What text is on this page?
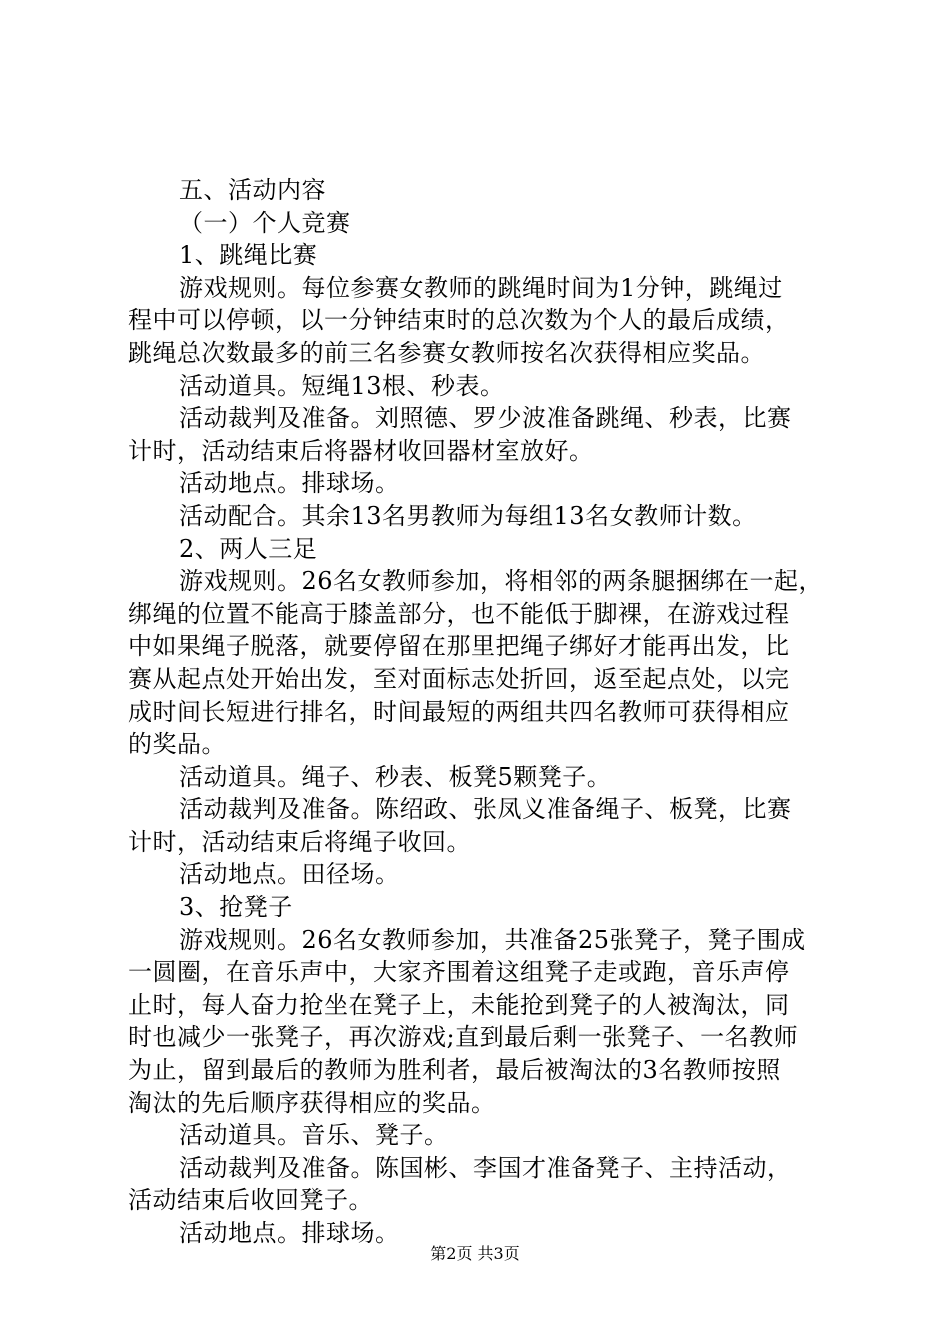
五、活动内容
（一）个人竞赛
1、跳绳比赛
游戏规则。每位参赛女教师的跳绳时间为1分钟，跳绳过
程中可以停顿，以一分钟结束时的总次数为个人的最后成绩，
跳绳总次数最多的前三名参赛女教师按名次获得相应奖品。
活动道具。短绳13根、秒表。
活动裁判及准备。刘照德、罗少波准备跳绳、秒表，比赛
计时，活动结束后将器材收回器材室放好。
活动地点。排球场。
活动配合。其余13名男教师为每组13名女教师计数。
2、两人三足
游戏规则。26名女教师参加，将相邻的两条腿捆绑在一起，
绑绳的位置不能高于膝盖部分，也不能低于脚裸，在游戏过程
中如果绳子脱落，就要停留在那里把绳子绑好才能再出发，比
赛从起点处开始出发，至对面标志处折回，返至起点处，以完
成时间长短进行排名，时间最短的两组共四名教师可获得相应
的奖品。
活动道具。绳子、秒表、板凳5颗凳子。
活动裁判及准备。陈绍政、张凤义准备绳子、板凳，比赛
计时，活动结束后将绳子收回。
活动地点。田径场。
3、抢凳子
游戏规则。26名女教师参加，共准备25张凳子，凳子围成
一圆圈，在音乐声中，大家齐围着这组凳子走或跑，音乐声停
止时，每人奋力抢坐在凳子上，未能抢到凳子的人被淘汰，同
时也减少一张凳子，再次游戏;直到最后剩一张凳子、一名教师
为止，留到最后的教师为胜利者，最后被淘汰的3名教师按照
淘汰的先后顺序获得相应的奖品。
活动道具。音乐、凳子。
活动裁判及准备。陈国彬、李国才准备凳子、主持活动，
活动结束后收回凳子。
活动地点。排球场。
第2页 共3页
